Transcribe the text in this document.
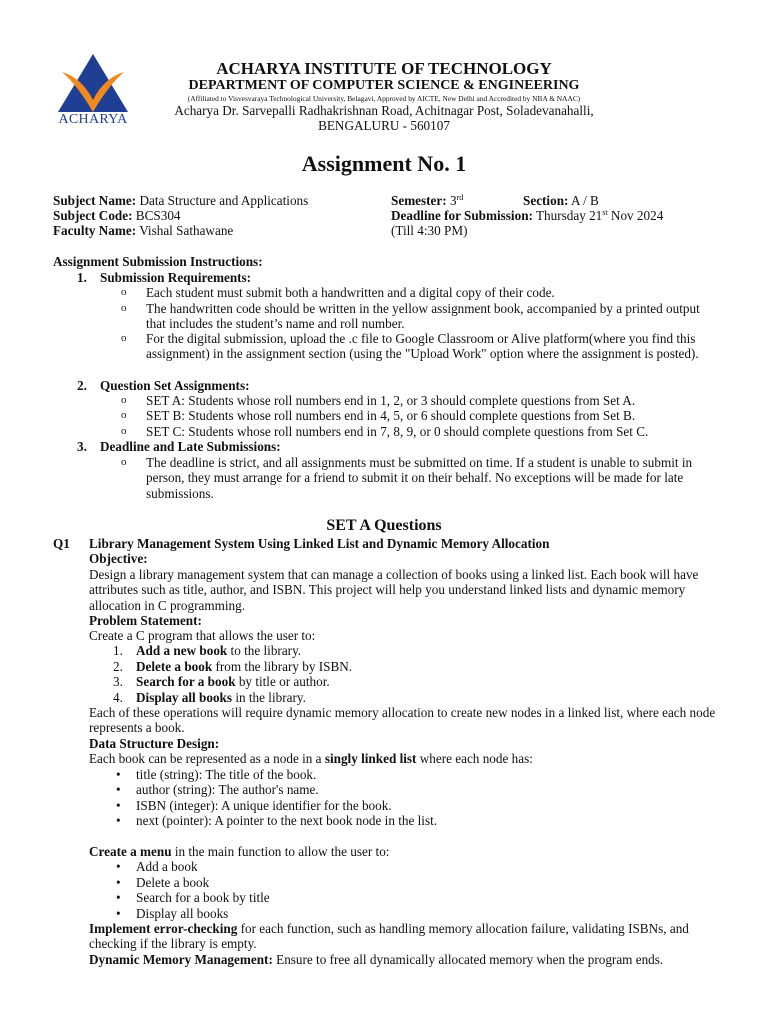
ACHARYA
ACHARYA INSTITUTE OF TECHNOLOGY
DEPARTMENT OF COMPUTER SCIENCE & ENGINEERING
(Affiliated to Visvesvaraya Technological University, Belagavi, Approved by AICTE, New Delhi and Accredited by NBA & NAAC)
Acharya Dr. Sarvepalli Radhakrishnan Road, Achitnagar Post, Soladevanahalli,
BENGALURU - 560107
Assignment No. 1
Subject Name: Data Structure and Applications
Subject Code: BCS304
Faculty Name: Vishal Sathawane
Semester: 3rd	Section: A / B
Deadline for Submission: Thursday 21st Nov 2024
(Till 4:30 PM)
Assignment Submission Instructions:
1. Submission Requirements:
o Each student must submit both a handwritten and a digital copy of their code.
o The handwritten code should be written in the yellow assignment book, accompanied by a printed output that includes the student’s name and roll number.
o For the digital submission, upload the .c file to Google Classroom or Alive platform(where you find this assignment) in the assignment section (using the "Upload Work" option where the assignment is posted).
2. Question Set Assignments:
o SET A: Students whose roll numbers end in 1, 2, or 3 should complete questions from Set A.
o SET B: Students whose roll numbers end in 4, 5, or 6 should complete questions from Set B.
o SET C: Students whose roll numbers end in 7, 8, 9, or 0 should complete questions from Set C.
3. Deadline and Late Submissions:
o The deadline is strict, and all assignments must be submitted on time. If a student is unable to submit in person, they must arrange for a friend to submit it on their behalf. No exceptions will be made for late submissions.
SET A Questions
Q1 Library Management System Using Linked List and Dynamic Memory Allocation
Objective:
Design a library management system that can manage a collection of books using a linked list. Each book will have attributes such as title, author, and ISBN. This project will help you understand linked lists and dynamic memory allocation in C programming.
Problem Statement:
Create a C program that allows the user to:
1. Add a new book to the library.
2. Delete a book from the library by ISBN.
3. Search for a book by title or author.
4. Display all books in the library.
Each of these operations will require dynamic memory allocation to create new nodes in a linked list, where each node represents a book.
Data Structure Design:
Each book can be represented as a node in a singly linked list where each node has:
• title (string): The title of the book.
• author (string): The author's name.
• ISBN (integer): A unique identifier for the book.
• next (pointer): A pointer to the next book node in the list.
Create a menu in the main function to allow the user to:
• Add a book
• Delete a book
• Search for a book by title
• Display all books
Implement error-checking for each function, such as handling memory allocation failure, validating ISBNs, and checking if the library is empty.
Dynamic Memory Management: Ensure to free all dynamically allocated memory when the program ends.
